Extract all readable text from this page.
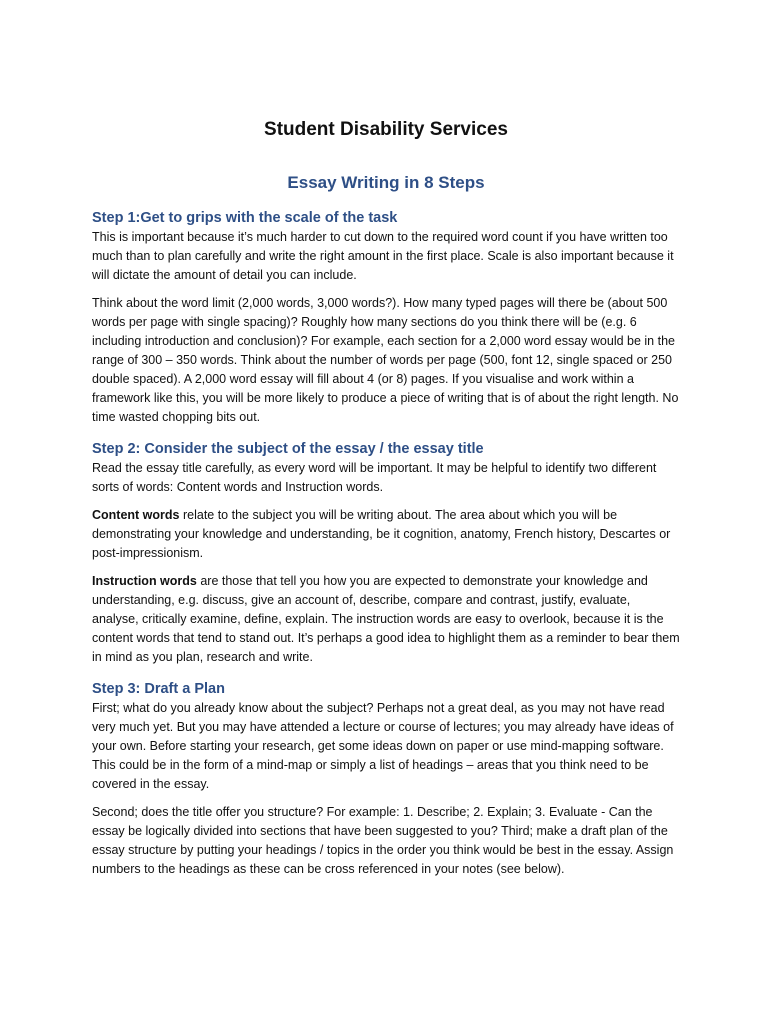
Student Disability Services
Essay Writing in 8 Steps
Step 1:Get to grips with the scale of the task

This is important because it’s much harder to cut down to the required word count if you have written too much than to plan carefully and write the right amount in the first place. Scale is also important because it will dictate the amount of detail you can include.

Think about the word limit (2,000 words, 3,000 words?). How many typed pages will there be (about 500 words per page with single spacing)? Roughly how many sections do you think there will be (e.g. 6 including introduction and conclusion)? For example, each section for a 2,000 word essay would be in the range of 300 – 350 words. Think about the number of words per page (500, font 12, single spaced or 250 double spaced). A 2,000 word essay will fill about 4 (or 8) pages. If you visualise and work within a framework like this, you will be more likely to produce a piece of writing that is of about the right length. No time wasted chopping bits out.

Step 2: Consider the subject of the essay / the essay title

Read the essay title carefully, as every word will be important. It may be helpful to identify two different sorts of words: Content words and Instruction words.

Content words relate to the subject you will be writing about. The area about which you will be demonstrating your knowledge and understanding, be it cognition, anatomy, French history, Descartes or post-impressionism.

Instruction words are those that tell you how you are expected to demonstrate your knowledge and understanding, e.g. discuss, give an account of, describe, compare and contrast, justify, evaluate, analyse, critically examine, define, explain. The instruction words are easy to overlook, because it is the content words that tend to stand out. It’s perhaps a good idea to highlight them as a reminder to bear them in mind as you plan, research and write.

Step 3: Draft a Plan

First; what do you already know about the subject? Perhaps not a great deal, as you may not have read very much yet. But you may have attended a lecture or course of lectures; you may already have ideas of your own. Before starting your research, get some ideas down on paper or use mind-mapping software. This could be in the form of a mind-map or simply a list of headings – areas that you think need to be covered in the essay.

Second; does the title offer you structure? For example: 1. Describe; 2. Explain; 3. Evaluate - Can the essay be logically divided into sections that have been suggested to you? Third; make a draft plan of the essay structure by putting your headings / topics in the order you think would be best in the essay. Assign numbers to the headings as these can be cross referenced in your notes (see below).
